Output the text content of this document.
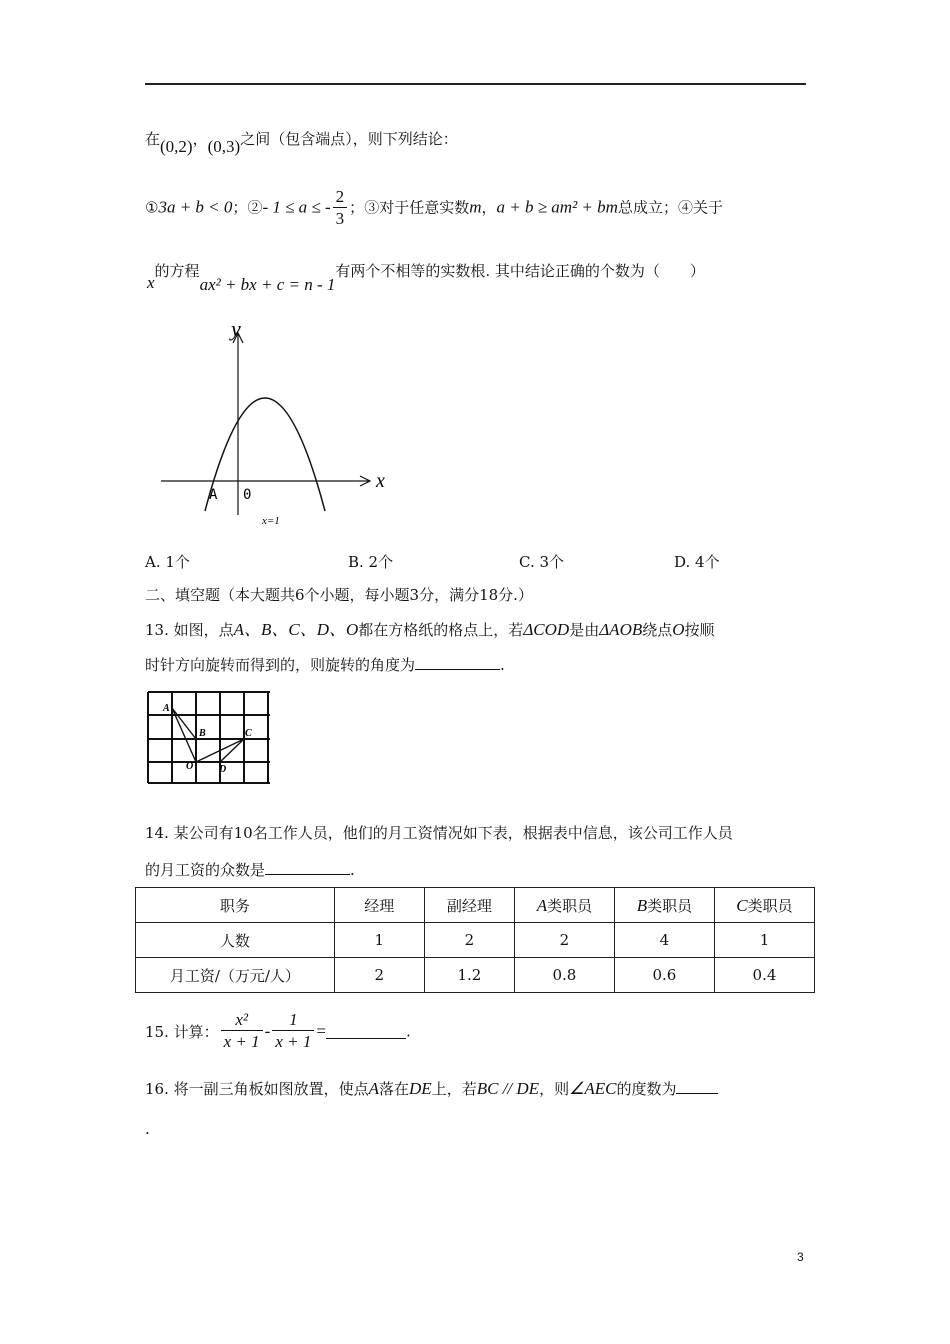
在(0,2)，(0,3)之间（包含端点），则下列结论：
①3a + b < 0；②- 1 ≤ a ≤ - $\frac{2}{3}$ ；③对于任意实数m，a + b ≥ am² + bm总成立；④关于
x的方程ax² + bx + c = n - 1有两个不相等的实数根. 其中结论正确的个数为（　　）
y
x
A 0
x=1
A. 1个	B. 2个	C. 3个	D. 4个
二、填空题（本大题共6个小题，每小题3分，满分18分.）
13. 如图，点A、B、C、D、O都在方格纸的格点上，若ΔCOD是由ΔAOB绕点O按顺
时针方向旋转而得到的，则旋转的角度为	.
A
B	C
O	D
14. 某公司有10名工作人员，他们的月工资情况如下表，根据表中信息，该公司工作人员
的月工资的众数是	.
职务	经理	副经理	A类职员	B类职员	C类职员
人数	1	2	2	4	1
月工资/（万元/人）	2	1.2	0.8	0.6	0.4
15. 计算： $\frac{\text{x²}}{x + 1} - \frac{1}{x + 1}$ =	.
16. 将一副三角板如图放置，使点A落在DE上，若BC // DE，则∠AEC的度数为
.
3
